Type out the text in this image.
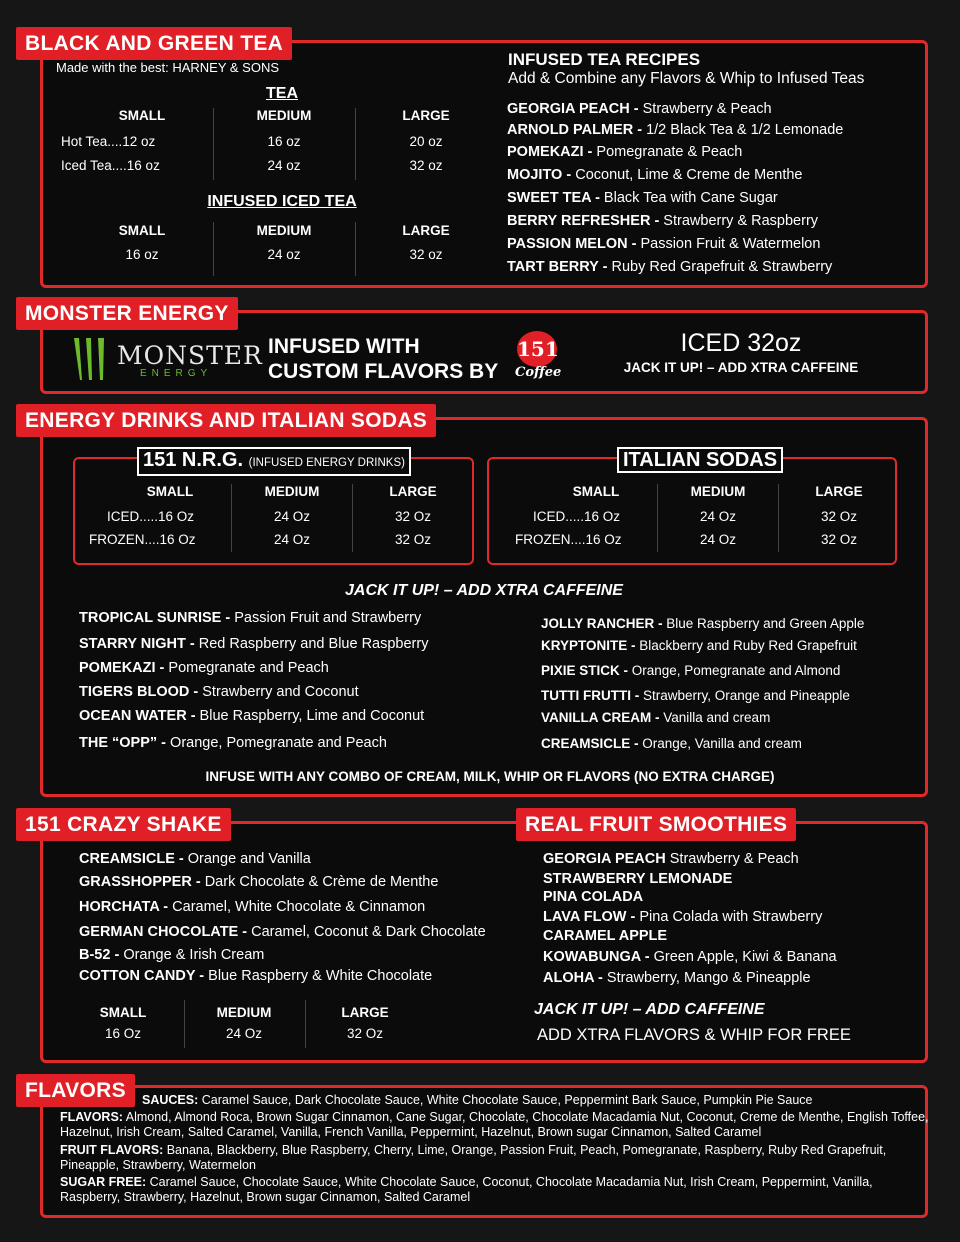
BLACK AND GREEN TEA
Made with the best: HARNEY & SONS
TEA
SMALL	MEDIUM	LARGE
Hot Tea....12 oz	16 oz	20 oz
Iced Tea....16 oz	24 oz	32 oz
INFUSED ICED TEA
SMALL	MEDIUM	LARGE
16 oz	24 oz	32 oz
INFUSED TEA RECIPES
Add & Combine any Flavors & Whip to Infused Teas
GEORGIA PEACH - Strawberry & Peach
ARNOLD PALMER - 1/2 Black Tea & 1/2 Lemonade
POMEKAZI - Pomegranate & Peach
MOJITO - Coconut, Lime & Creme de Menthe
SWEET TEA - Black Tea with Cane Sugar
BERRY REFRESHER - Strawberry & Raspberry
PASSION MELON - Passion Fruit & Watermelon
TART BERRY - Ruby Red Grapefruit & Strawberry
MONSTER ENERGY
MONSTER
ENERGY
INFUSED WITH
CUSTOM FLAVORS BY
151
Coffee
ICED 32oz
JACK IT UP! – ADD XTRA CAFFEINE
ENERGY DRINKS AND ITALIAN SODAS
151 N.R.G. (INFUSED ENERGY DRINKS)
SMALL	MEDIUM	LARGE
ICED.....16 Oz	24 Oz	32 Oz
FROZEN....16 Oz	24 Oz	32 Oz
ITALIAN SODAS
SMALL	MEDIUM	LARGE
ICED.....16 Oz	24 Oz	32 Oz
FROZEN....16 Oz	24 Oz	32 Oz
JACK IT UP! – ADD XTRA CAFFEINE
TROPICAL SUNRISE - Passion Fruit and Strawberry
STARRY NIGHT - Red Raspberry and Blue Raspberry
POMEKAZI - Pomegranate and Peach
TIGERS BLOOD - Strawberry and Coconut
OCEAN WATER - Blue Raspberry, Lime and Coconut
THE “OPP” - Orange, Pomegranate and Peach
JOLLY RANCHER - Blue Raspberry and Green Apple
KRYPTONITE - Blackberry and Ruby Red Grapefruit
PIXIE STICK - Orange, Pomegranate and Almond
TUTTI FRUTTI - Strawberry, Orange and Pineapple
VANILLA CREAM - Vanilla and cream
CREAMSICLE - Orange, Vanilla and cream
INFUSE WITH ANY COMBO OF CREAM, MILK, WHIP OR FLAVORS (NO EXTRA CHARGE)
151 CRAZY SHAKE	REAL FRUIT SMOOTHIES
CREAMSICLE - Orange and Vanilla
GRASSHOPPER - Dark Chocolate & Crème de Menthe
HORCHATA - Caramel, White Chocolate & Cinnamon
GERMAN CHOCOLATE - Caramel, Coconut & Dark Chocolate
B-52 - Orange & Irish Cream
COTTON CANDY - Blue Raspberry & White Chocolate
SMALL	MEDIUM	LARGE
16 Oz	24 Oz	32 Oz
GEORGIA PEACH Strawberry & Peach
STRAWBERRY LEMONADE
PINA COLADA
LAVA FLOW - Pina Colada with Strawberry
CARAMEL APPLE
KOWABUNGA - Green Apple, Kiwi & Banana
ALOHA - Strawberry, Mango & Pineapple
JACK IT UP! – ADD CAFFEINE
ADD XTRA FLAVORS & WHIP FOR FREE
FLAVORS	SAUCES: Caramel Sauce, Dark Chocolate Sauce, White Chocolate Sauce, Peppermint Bark Sauce, Pumpkin Pie Sauce
FLAVORS: Almond, Almond Roca, Brown Sugar Cinnamon, Cane Sugar, Chocolate, Chocolate Macadamia Nut, Coconut, Creme de Menthe, English Toffee, Hazelnut, Irish Cream, Salted Caramel, Vanilla, French Vanilla, Peppermint, Hazelnut, Brown sugar Cinnamon, Salted Caramel
FRUIT FLAVORS: Banana, Blackberry, Blue Raspberry, Cherry, Lime, Orange, Passion Fruit, Peach, Pomegranate, Raspberry, Ruby Red Grapefruit, Pineapple, Strawberry, Watermelon
SUGAR FREE: Caramel Sauce, Chocolate Sauce, White Chocolate Sauce, Coconut, Chocolate Macadamia Nut, Irish Cream, Peppermint, Vanilla, Raspberry, Strawberry, Hazelnut, Brown sugar Cinnamon, Salted Caramel
